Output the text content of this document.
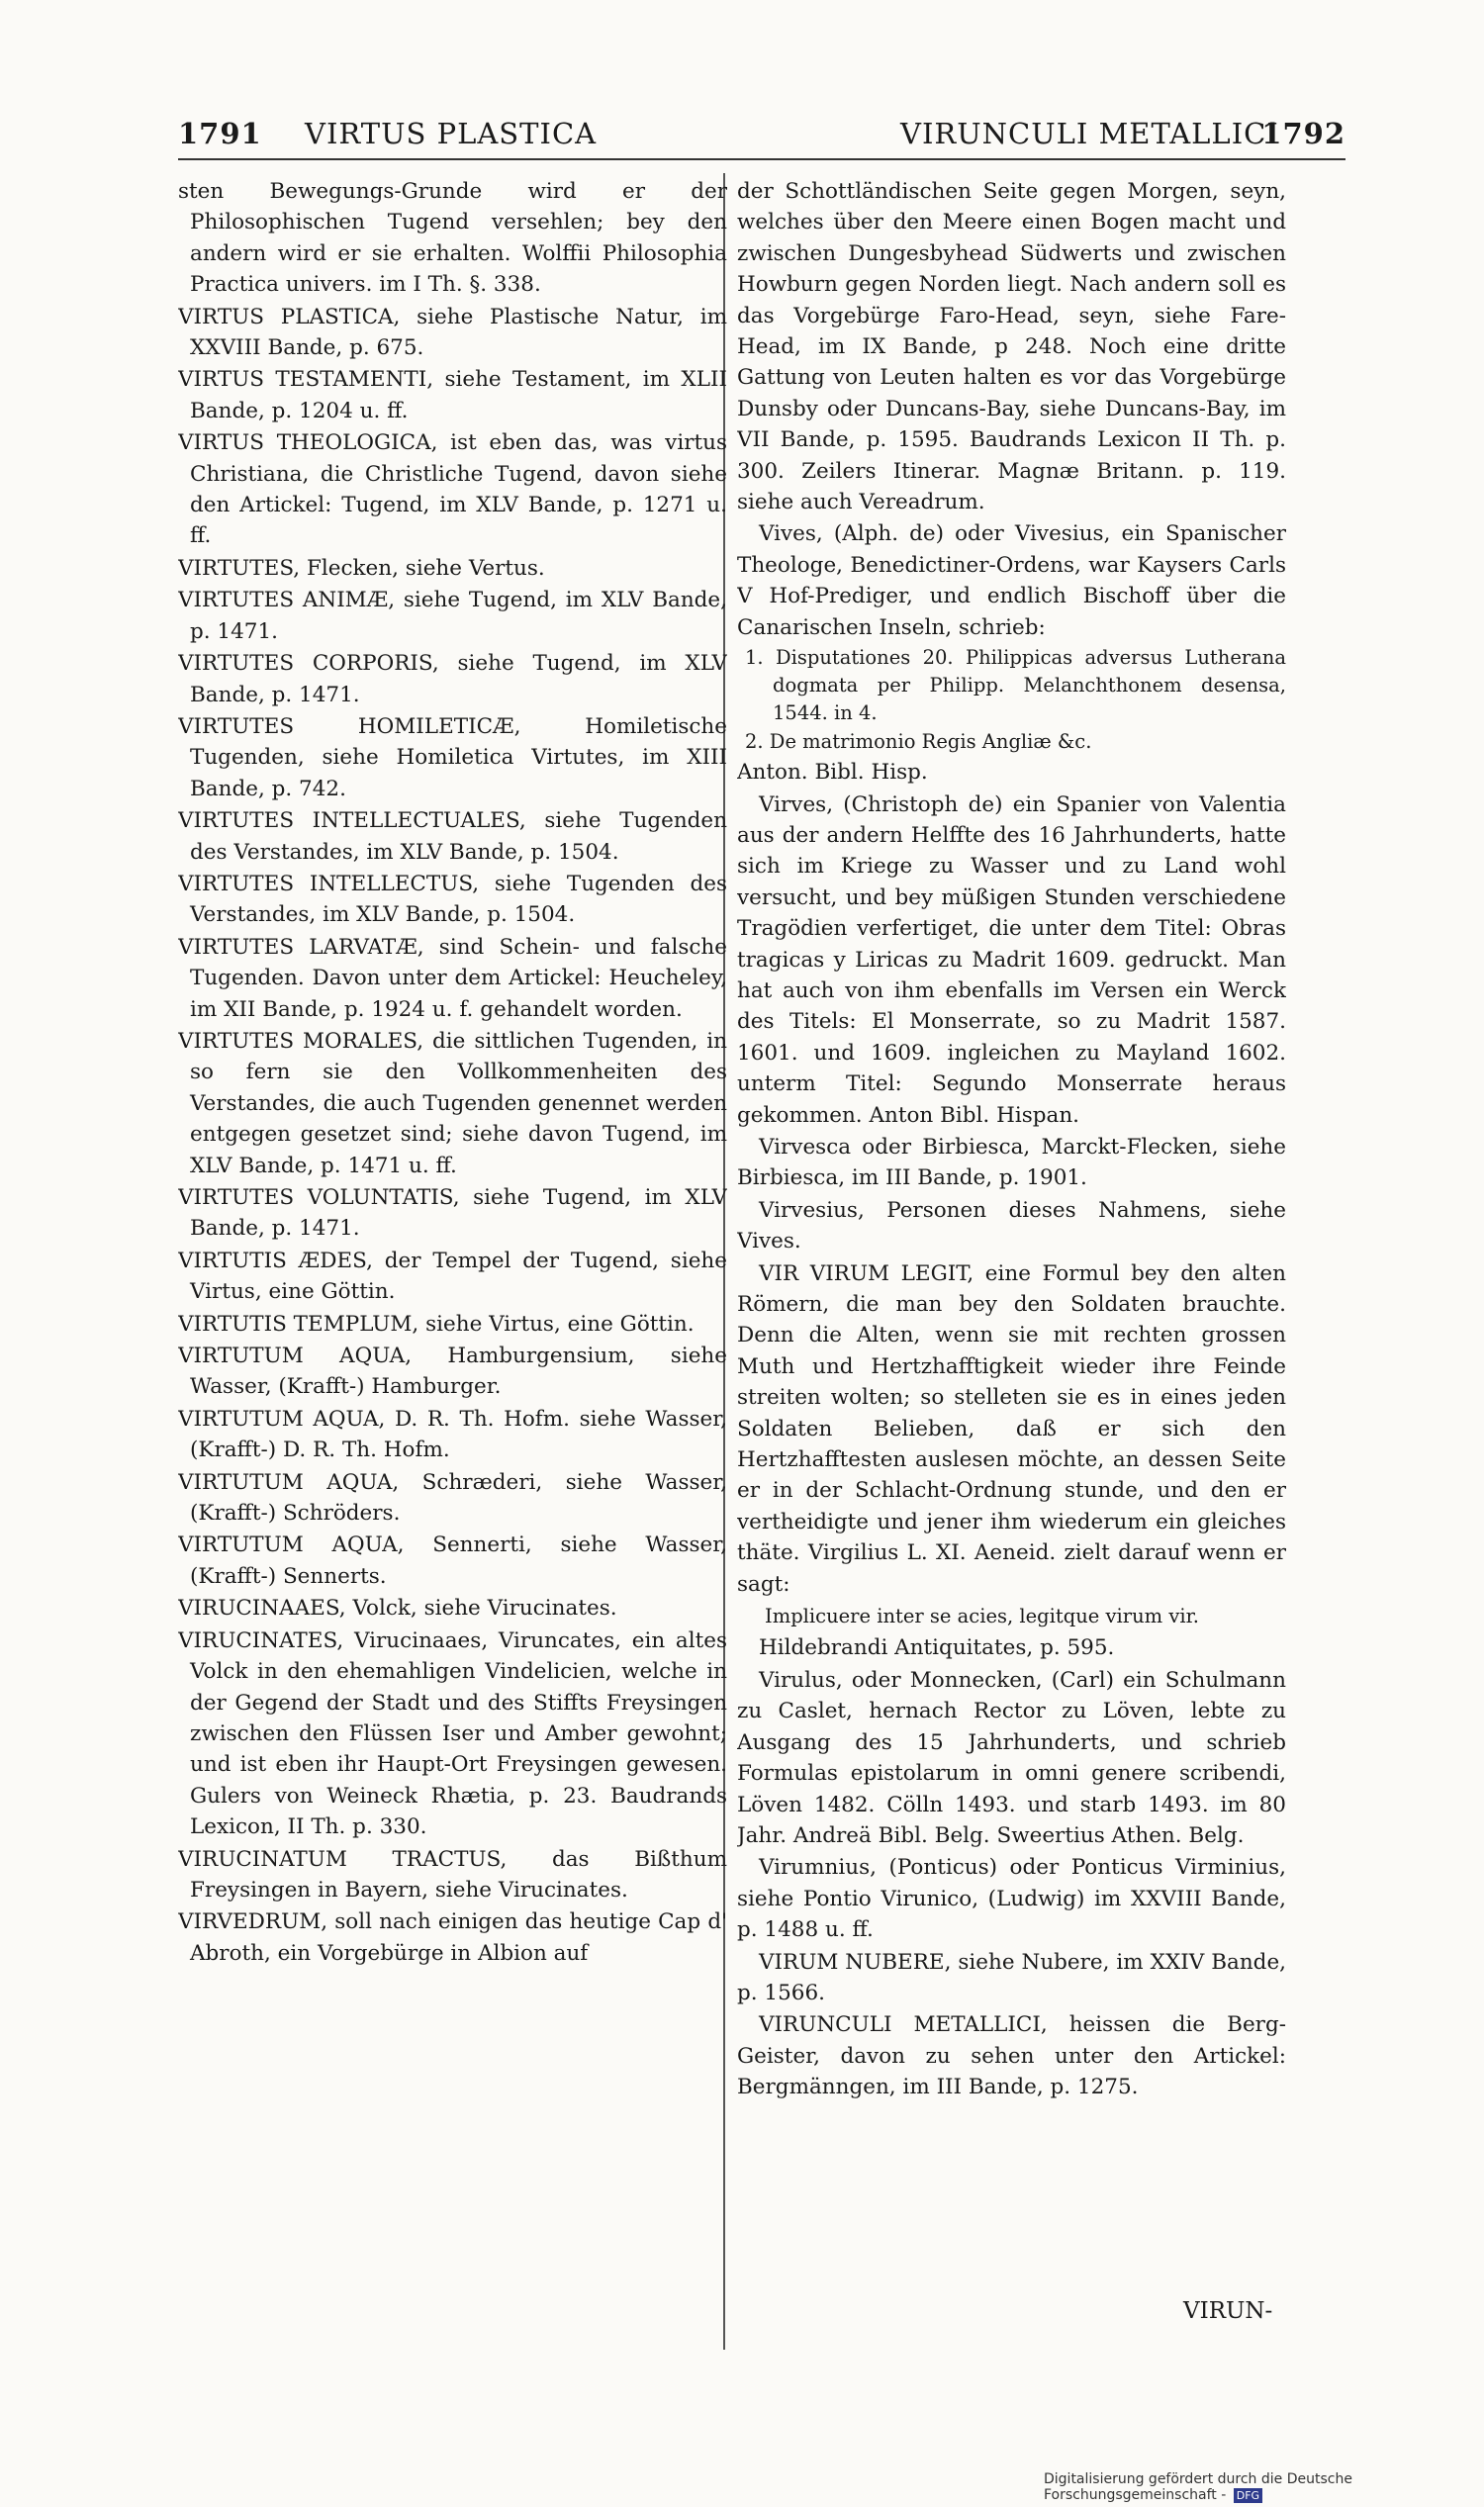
1791 VIRTUS PLASTICA	VIRUNCULI METALLICI
1792

sten Bewegungs-Grunde wird er der Philosophischen Tugend versehlen; bey den andern wird er sie erhalten. Wolffii Philosophia Practica univers. im I Th. §. 338.

VIRTUS PLASTICA, siehe Plastische Natur, im XXVIII Bande, p. 675.

VIRTUS TESTAMENTI, siehe Testament, im XLII Bande, p. 1204 u. ff.

VIRTUS THEOLOGICA, ist eben das, was virtus Christiana, die Christliche Tugend, davon siehe den Artickel: Tugend, im XLV Bande, p. 1271 u. ff.

VIRTUTES, Flecken, siehe Vertus.

VIRTUTES ANIMÆ, siehe Tugend, im XLV Bande, p. 1471.

VIRTUTES CORPORIS, siehe Tugend, im XLV Bande, p. 1471.

VIRTUTES HOMILETICÆ, Homiletische Tugenden, siehe Homiletica Virtutes, im XIII Bande, p. 742.

VIRTUTES INTELLECTUALES, siehe Tugenden des Verstandes, im XLV Bande, p. 1504.

VIRTUTES INTELLECTUS, siehe Tugenden des Verstandes, im XLV Bande, p. 1504.

VIRTUTES LARVATÆ, sind Schein- und falsche Tugenden. Davon unter dem Artickel: Heucheley, im XII Bande, p. 1924 u. f. gehandelt worden.

VIRTUTES MORALES, die sittlichen Tugenden, in so fern sie den Vollkommenheiten des Verstandes, die auch Tugenden genennet werden entgegen gesetzet sind; siehe davon Tugend, im XLV Bande, p. 1471 u. ff.

VIRTUTES VOLUNTATIS, siehe Tugend, im XLV Bande, p. 1471.

VIRTUTIS ÆDES, der Tempel der Tugend, siehe Virtus, eine Göttin.

VIRTUTIS TEMPLUM, siehe Virtus, eine Göttin.

VIRTUTUM AQUA, Hamburgensium, siehe Wasser, (Krafft-) Hamburger.

VIRTUTUM AQUA, D. R. Th. Hofm. siehe Wasser, (Krafft-) D. R. Th. Hofm.

VIRTUTUM AQUA, Schræderi, siehe Wasser, (Krafft-) Schröders.

VIRTUTUM AQUA, Sennerti, siehe Wasser, (Krafft-) Sennerts.

VIRUCINAAES, Volck, siehe Virucinates.

VIRUCINATES, Virucinaaes, Viruncates, ein altes Volck in den ehemahligen Vindelicien, welche in der Gegend der Stadt und des Stiffts Freysingen zwischen den Flüssen Iser und Amber gewohnt; und ist eben ihr Haupt-Ort Freysingen gewesen. Gulers von Weineck Rhætia, p. 23. Baudrands Lexicon, II Th. p. 330.

VIRUCINATUM TRACTUS, das Bißthum Freysingen in Bayern, siehe Virucinates.

VIRVEDRUM, soll nach einigen das heutige Cap d' Abroth, ein Vorgebürge in Albion auf

der Schottländischen Seite gegen Morgen, seyn, welches über den Meere einen Bogen macht und zwischen Dungesbyhead Südwerts und zwischen Howburn gegen Norden liegt. Nach andern soll es das Vorgebürge Faro-Head, seyn, siehe Fare-Head, im IX Bande, p 248. Noch eine dritte Gattung von Leuten halten es vor das Vorgebürge Dunsby oder Duncans-Bay, siehe Duncans-Bay, im VII Bande, p. 1595. Baudrands Lexicon II Th. p. 300. Zeilers Itinerar. Magnæ Britann. p. 119. siehe auch Vereadrum.

Vives, (Alph. de) oder Vivesius, ein Spanischer Theologe, Benedictiner-Ordens, war Kaysers Carls V Hof-Prediger, und endlich Bischoff über die Canarischen Inseln, schrieb:

1. Disputationes 20. Philippicas adversus Lutherana dogmata per Philipp. Melanchthonem desensa, 1544. in 4.

2. De matrimonio Regis Angliæ &c.

Anton. Bibl. Hisp.

Virves, (Christoph de) ein Spanier von Valentia aus der andern Helffte des 16 Jahrhunderts, hatte sich im Kriege zu Wasser und zu Land wohl versucht, und bey müßigen Stunden verschiedene Tragödien verfertiget, die unter dem Titel: Obras tragicas y Liricas zu Madrit 1609. gedruckt. Man hat auch von ihm ebenfalls im Versen ein Werck des Titels: El Monserrate, so zu Madrit 1587. 1601. und 1609. ingleichen zu Mayland 1602. unterm Titel: Segundo Monserrate heraus gekommen. Anton Bibl. Hispan.

Virvesca oder Birbiesca, Marckt-Flecken, siehe Birbiesca, im III Bande, p. 1901.

Virvesius, Personen dieses Nahmens, siehe Vives.

VIR VIRUM LEGIT, eine Formul bey den alten Römern, die man bey den Soldaten brauchte. Denn die Alten, wenn sie mit rechten grossen Muth und Hertzhafftigkeit wieder ihre Feinde streiten wolten; so stelleten sie es in eines jeden Soldaten Belieben, daß er sich den Hertzhafftesten auslesen möchte, an dessen Seite er in der Schlacht-Ordnung stunde, und den er vertheidigte und jener ihm wiederum ein gleiches thäte. Virgilius L. XI. Aeneid. zielt darauf wenn er sagt:

Implicuere inter se acies, legitque virum vir.

Hildebrandi Antiquitates, p. 595.

Virulus, oder Monnecken, (Carl) ein Schulmann zu Caslet, hernach Rector zu Löven, lebte zu Ausgang des 15 Jahrhunderts, und schrieb Formulas epistolarum in omni genere scribendi, Löven 1482. Cölln 1493. und starb 1493. im 80 Jahr. Andreä Bibl. Belg. Sweertius Athen. Belg.

Virumnius, (Ponticus) oder Ponticus Virminius, siehe Pontio Virunico, (Ludwig) im XXVIII Bande, p. 1488 u. ff.

VIRUM NUBERE, siehe Nubere, im XXIV Bande, p. 1566.

VIRUNCULI METALLICI, heissen die Berg-Geister, davon zu sehen unter den Artickel: Bergmänngen, im III Bande, p. 1275.

VIRUN-
Digitalisierung gefördert durch die Deutsche Forschungsgemeinschaft - DFG
